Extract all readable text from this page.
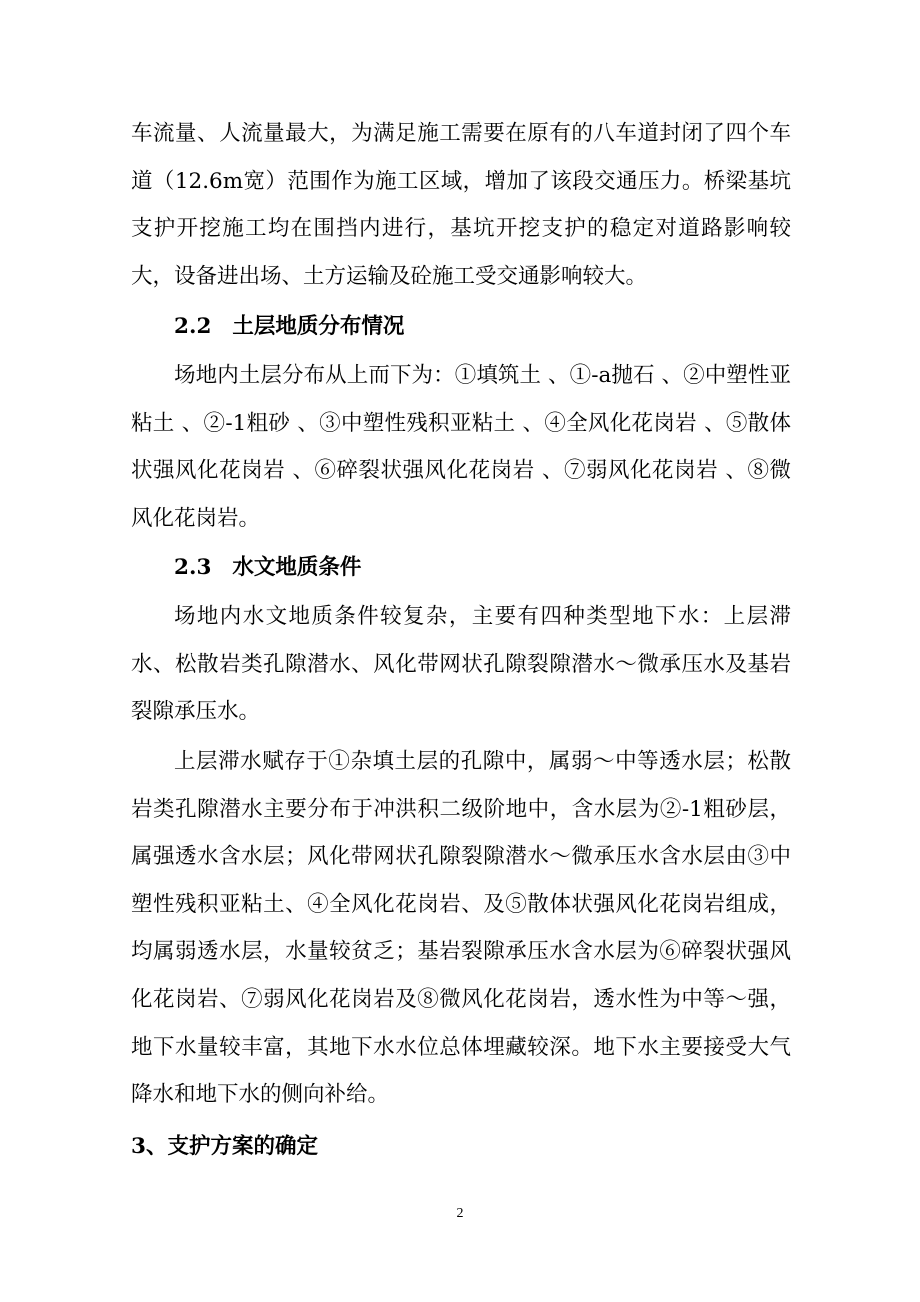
车流量、人流量最大，为满足施工需要在原有的八车道封闭了四个车道（12.6m宽）范围作为施工区域，增加了该段交通压力。桥梁基坑支护开挖施工均在围挡内进行，基坑开挖支护的稳定对道路影响较大，设备进出场、土方运输及砼施工受交通影响较大。

2.2 土层地质分布情况

场地内土层分布从上而下为：①填筑土 、①-a抛石 、②中塑性亚粘土 、②-1粗砂 、③中塑性残积亚粘土 、④全风化花岗岩 、⑤散体状强风化花岗岩 、⑥碎裂状强风化花岗岩 、⑦弱风化花岗岩 、⑧微风化花岗岩。

2.3 水文地质条件

场地内水文地质条件较复杂，主要有四种类型地下水：上层滞水、松散岩类孔隙潜水、风化带网状孔隙裂隙潜水～微承压水及基岩裂隙承压水。

上层滞水赋存于①杂填土层的孔隙中，属弱～中等透水层；松散岩类孔隙潜水主要分布于冲洪积二级阶地中，含水层为②-1粗砂层，属强透水含水层；风化带网状孔隙裂隙潜水～微承压水含水层由③中塑性残积亚粘土、④全风化花岗岩、及⑤散体状强风化花岗岩组成，均属弱透水层，水量较贫乏；基岩裂隙承压水含水层为⑥碎裂状强风化花岗岩、⑦弱风化花岗岩及⑧微风化花岗岩，透水性为中等～强，地下水量较丰富，其地下水水位总体埋藏较深。地下水主要接受大气降水和地下水的侧向补给。

3、支护方案的确定
2
